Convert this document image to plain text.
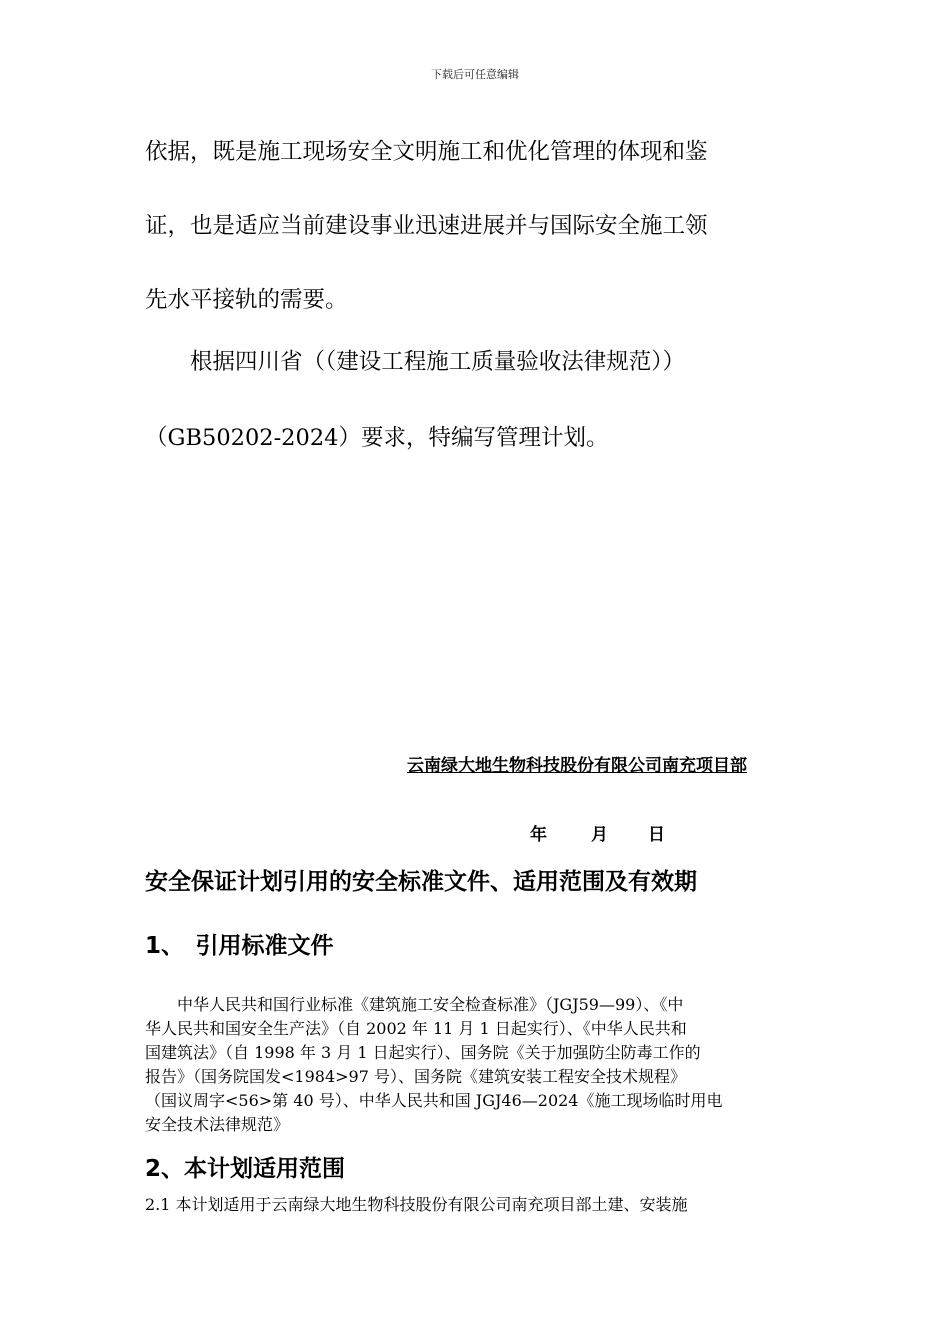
下载后可任意编辑
依据，既是施工现场安全文明施工和优化管理的体现和鉴
证，也是适应当前建设事业迅速进展并与国际安全施工领
先水平接轨的需要。
　　根据四川省（（建设工程施工质量验收法律规范））
（GB50202-2024）要求，特编写管理计划。
云南绿大地生物科技股份有限公司南充项目部
年	月 日
安全保证计划引用的安全标准文件、适用范围及有效期
1、　引用标准文件
　　中华人民共和国行业标准《建筑施工安全检查标准》（JGJ59—99）、《中
华人民共和国安全生产法》（自 2002 年 11 月 1 日起实行）、《中华人民共和
国建筑法》（自 1998 年 3 月 1 日起实行）、国务院《关于加强防尘防毒工作的
报告》（国务院国发<1984>97 号）、国务院《建筑安装工程安全技术规程》
（国议周字<56>第 40 号）、中华人民共和国 JGJ46—2024《施工现场临时用电
安全技术法律规范》
2、本计划适用范围
2.1 本计划适用于云南绿大地生物科技股份有限公司南充项目部土建、安装施
